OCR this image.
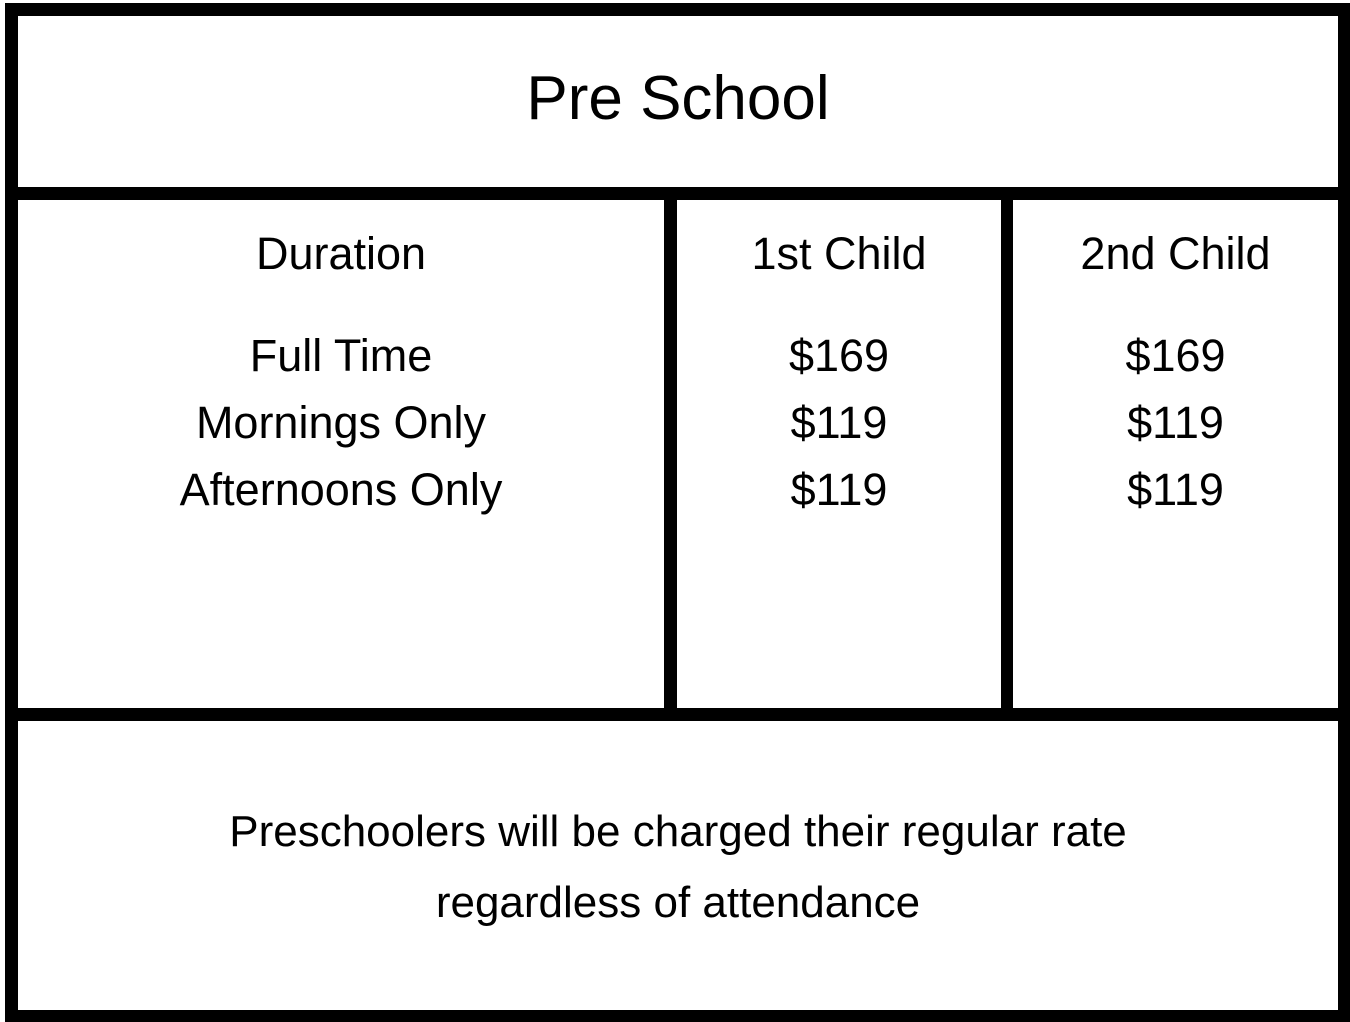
Pre School
Duration	1st Child	2nd Child
Full Time
Mornings Only
Afternoons Only
$169
$119
$119
$169
$119
$119
Preschoolers will be charged their regular rate
regardless of attendance
